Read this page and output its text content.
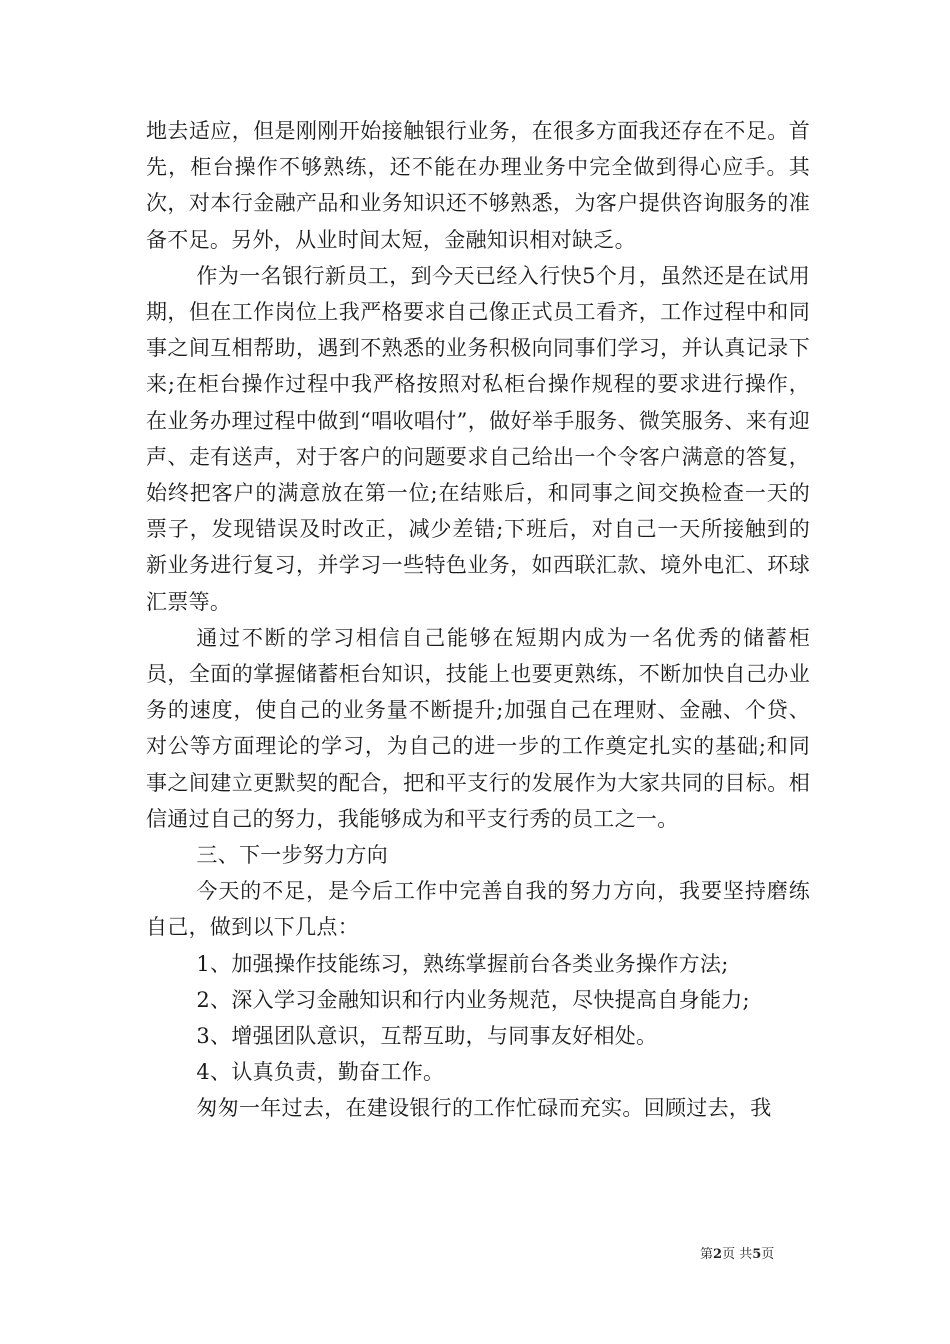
地去适应，但是刚刚开始接触银行业务，在很多方面我还存在不足。首先，柜台操作不够熟练，还不能在办理业务中完全做到得心应手。其次，对本行金融产品和业务知识还不够熟悉，为客户提供咨询服务的准备不足。另外，从业时间太短，金融知识相对缺乏。

作为一名银行新员工，到今天已经入行快5个月，虽然还是在试用期，但在工作岗位上我严格要求自己像正式员工看齐，工作过程中和同事之间互相帮助，遇到不熟悉的业务积极向同事们学习，并认真记录下来;在柜台操作过程中我严格按照对私柜台操作规程的要求进行操作，在业务办理过程中做到“唱收唱付”，做好举手服务、微笑服务、来有迎声、走有送声，对于客户的问题要求自己给出一个令客户满意的答复，始终把客户的满意放在第一位;在结账后，和同事之间交换检查一天的票子，发现错误及时改正，减少差错;下班后，对自己一天所接触到的新业务进行复习，并学习一些特色业务，如西联汇款、境外电汇、环球汇票等。

通过不断的学习相信自己能够在短期内成为一名优秀的储蓄柜员，全面的掌握储蓄柜台知识，技能上也要更熟练，不断加快自己办业务的速度，使自己的业务量不断提升;加强自己在理财、金融、个贷、对公等方面理论的学习，为自己的进一步的工作奠定扎实的基础;和同事之间建立更默契的配合，把和平支行的发展作为大家共同的目标。相信通过自己的努力，我能够成为和平支行秀的员工之一。

三、下一步努力方向

今天的不足，是今后工作中完善自我的努力方向，我要坚持磨练自己，做到以下几点：

1、加强操作技能练习，熟练掌握前台各类业务操作方法;

2、深入学习金融知识和行内业务规范，尽快提高自身能力;

3、增强团队意识，互帮互助，与同事友好相处。

4、认真负责，勤奋工作。

匆匆一年过去，在建设银行的工作忙碌而充实。回顾过去，我

第2页 共5页
